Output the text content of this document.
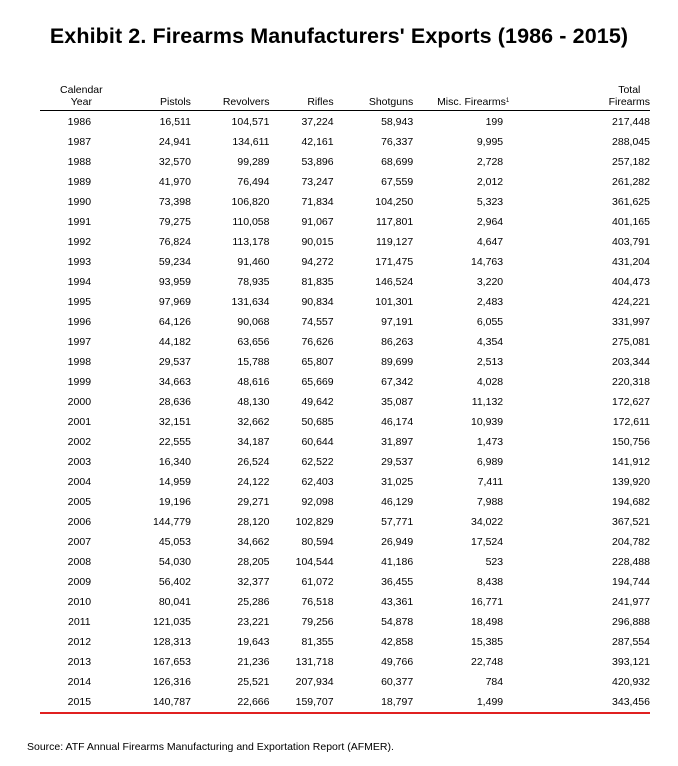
Exhibit 2. Firearms Manufacturers' Exports (1986 - 2015)
Calendar
Year	Pistols	Revolvers	Rifles	Shotguns	Misc. Firearms$^1$	Total
Firearms
1986	16,511	104,571	37,224	58,943	199	217,448
1987	24,941	134,611	42,161	76,337	9,995	288,045
1988	32,570	99,289	53,896	68,699	2,728	257,182
1989	41,970	76,494	73,247	67,559	2,012	261,282
1990	73,398	106,820	71,834	104,250	5,323	361,625
1991	79,275	110,058	91,067	117,801	2,964	401,165
1992	76,824	113,178	90,015	119,127	4,647	403,791
1993	59,234	91,460	94,272	171,475	14,763	431,204
1994	93,959	78,935	81,835	146,524	3,220	404,473
1995	97,969	131,634	90,834	101,301	2,483	424,221
1996	64,126	90,068	74,557	97,191	6,055	331,997
1997	44,182	63,656	76,626	86,263	4,354	275,081
1998	29,537	15,788	65,807	89,699	2,513	203,344
1999	34,663	48,616	65,669	67,342	4,028	220,318
2000	28,636	48,130	49,642	35,087	11,132	172,627
2001	32,151	32,662	50,685	46,174	10,939	172,611
2002	22,555	34,187	60,644	31,897	1,473	150,756
2003	16,340	26,524	62,522	29,537	6,989	141,912
2004	14,959	24,122	62,403	31,025	7,411	139,920
2005	19,196	29,271	92,098	46,129	7,988	194,682
2006	144,779	28,120	102,829	57,771	34,022	367,521
2007	45,053	34,662	80,594	26,949	17,524	204,782
2008	54,030	28,205	104,544	41,186	523	228,488
2009	56,402	32,377	61,072	36,455	8,438	194,744
2010	80,041	25,286	76,518	43,361	16,771	241,977
2011	121,035	23,221	79,256	54,878	18,498	296,888
2012	128,313	19,643	81,355	42,858	15,385	287,554
2013	167,653	21,236	131,718	49,766	22,748	393,121
2014	126,316	25,521	207,934	60,377	784	420,932
2015	140,787	22,666	159,707	18,797	1,499	343,456
Source: ATF Annual Firearms Manufacturing and Exportation Report (AFMER).
